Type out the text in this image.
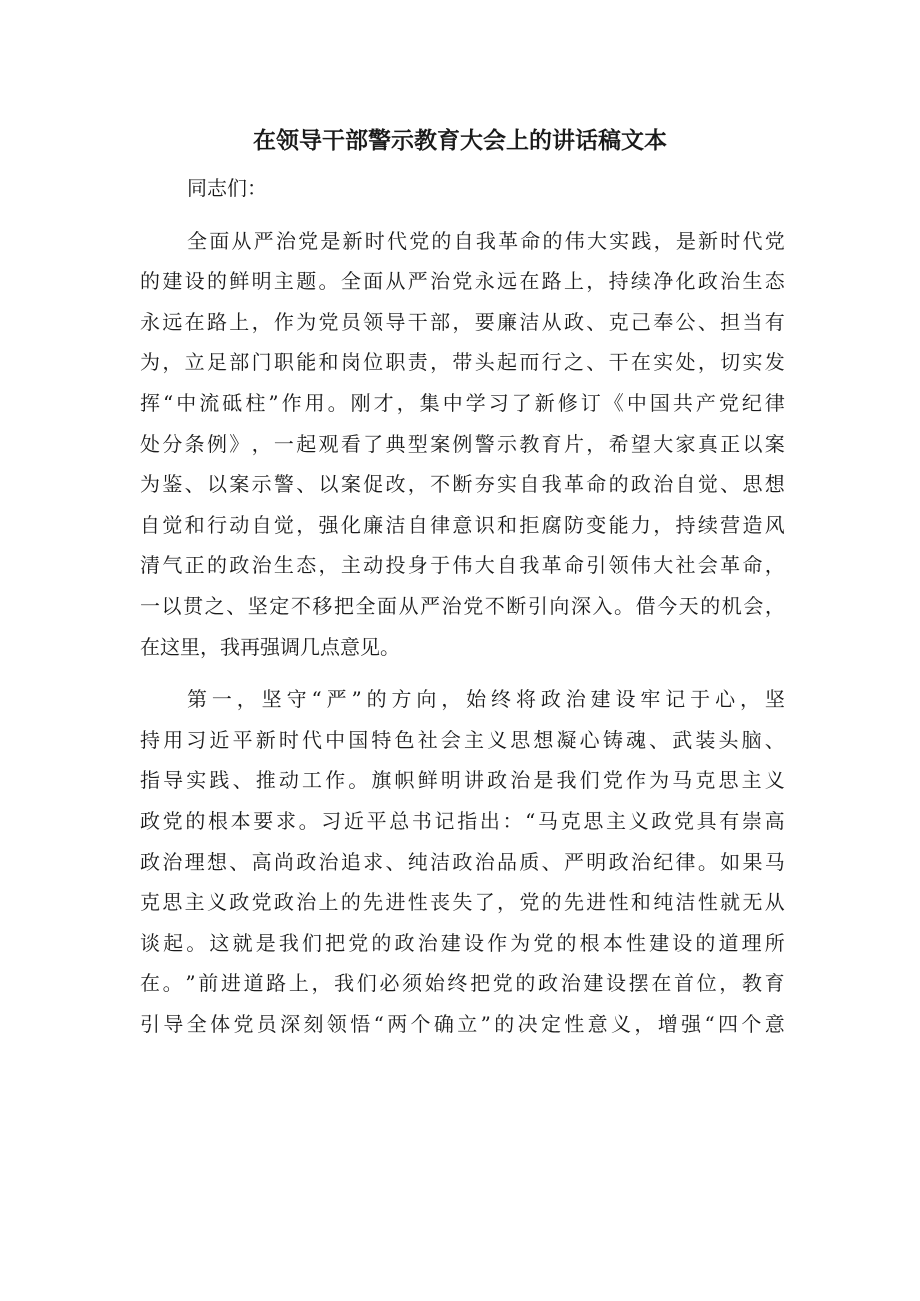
在领导干部警示教育大会上的讲话稿文本
同志们：
全 面 从 严 治 党 是 新 时 代 党 的 自 我 革 命 的 伟 大 实 践 ， 是 新 时 代 党
的 建 设 的 鲜 明 主 题 。 全 面 从 严 治 党 永 远 在 路 上 ， 持 续 净 化 政 治 生 态
永 远 在 路 上 ， 作 为 党 员 领 导 干 部 ， 要 廉 洁 从 政 、 克 己 奉 公 、 担 当 有
为 ， 立 足 部 门 职 能 和 岗 位 职 责 ， 带 头 起 而 行 之 、 干 在 实 处 ， 切 实 发
挥 “ 中 流 砥 柱 ” 作 用 。 刚 才 ， 集 中 学 习 了 新 修 订 《 中 国 共 产 党 纪 律
处 分 条 例 》 ， 一 起 观 看 了 典 型 案 例 警 示 教 育 片 ， 希 望 大 家 真 正 以 案
为 鉴 、 以 案 示 警 、 以 案 促 改 ， 不 断 夯 实 自 我 革 命 的 政 治 自 觉 、 思 想
自 觉 和 行 动 自 觉 ， 强 化 廉 洁 自 律 意 识 和 拒 腐 防 变 能 力 ， 持 续 营 造 风
清 气 正 的 政 治 生 态 ， 主 动 投 身 于 伟 大 自 我 革 命 引 领 伟 大 社 会 革 命 ，
一 以 贯 之 、 坚 定 不 移 把 全 面 从 严 治 党 不 断 引 向 深 入 。 借 今 天 的 机 会 ，
在这里，我再强调几点意见。
第 一 ， 坚 守 “ 严 ” 的 方 向 ， 始 终 将 政 治 建 设 牢 记 于 心 ， 坚
持 用 习 近 平 新 时 代 中 国 特 色 社 会 主 义 思 想 凝 心 铸 魂 、 武 装 头 脑 、
指 导 实 践 、 推 动 工 作 。 旗 帜 鲜 明 讲 政 治 是 我 们 党 作 为 马 克 思 主 义
政 党 的 根 本 要 求 。 习 近 平 总 书 记 指 出 ： “ 马 克 思 主 义 政 党 具 有 崇 高
政 治 理 想 、 高 尚 政 治 追 求 、 纯 洁 政 治 品 质 、 严 明 政 治 纪 律 。 如 果 马
克 思 主 义 政 党 政 治 上 的 先 进 性 丧 失 了 ， 党 的 先 进 性 和 纯 洁 性 就 无 从
谈 起 。 这 就 是 我 们 把 党 的 政 治 建 设 作 为 党 的 根 本 性 建 设 的 道 理 所
在 。 ” 前 进 道 路 上 ， 我 们 必 须 始 终 把 党 的 政 治 建 设 摆 在 首 位 ， 教 育
引 导 全 体 党 员 深 刻 领 悟 “ 两 个 确 立 ” 的 决 定 性 意 义 ， 增 强 “ 四 个 意
